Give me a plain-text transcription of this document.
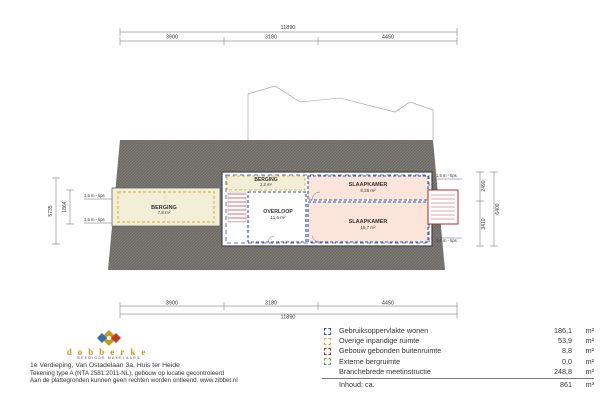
11890
3900	3180	4450
BERGING
7,8 m²
BERGING
2,2 m²
OVERLOOP
11,6 m²
SLAAPKAMER
9,25 m²
SLAAPKAMER
15,7 m²
1,5 m - tips
1,5 m - tips
5735 1864
1,5 m - tips
1,4 m - tips
2490
3410
6400
3900	3180	4450
11890
dobberke
BEEDIGDE MAKELAARS
1e Verdieping, Van Ostadelaan 3a, Huis ter Heide
Tekening type A (NTA 2581:2011-NL), gebouw op locatie gecontroleerd
Aan de plattegronden kunnen geen rechten worden ontleend. www.zibber.nl
Gebruiksoppervlakte wonen	186,1	m²
Overige inpandige ruimte	53,9	m²
Gebouw gebonden buitenruimte	8,8	m²
Externe bergruimte	0,0	m²
Branchebrede meetinstructie	248,8	m²
Inhoud: ca.	861	m³
